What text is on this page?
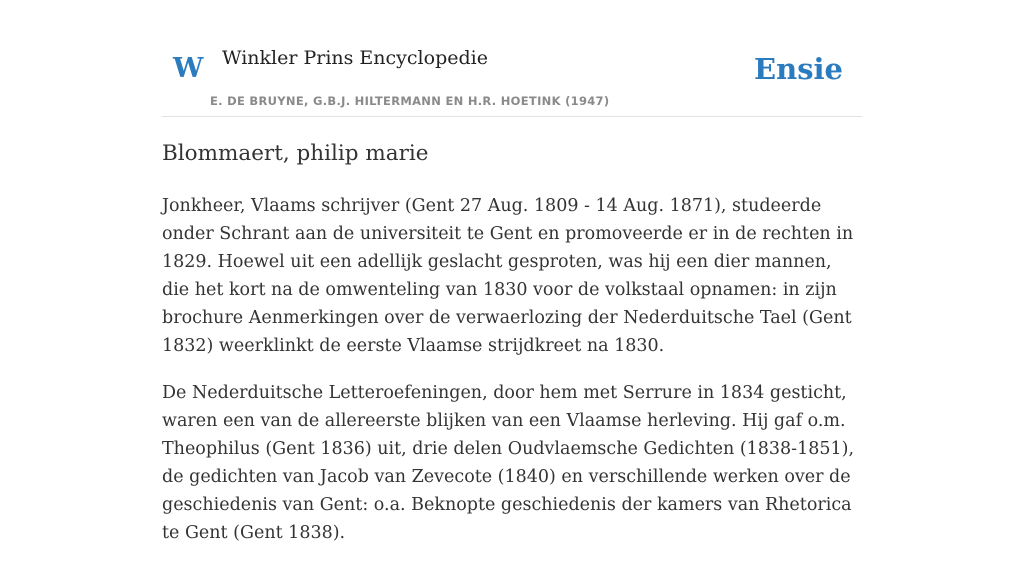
W Winkler Prins Encyclopedie
E. DE BRUYNE, G.B.J. HILTERMANN EN H.R. HOETINK (1947)
Ensie
Blommaert, philip marie

Jonkheer, Vlaams schrijver (Gent 27 Aug. 1809 - 14 Aug. 1871), studeerde onder Schrant aan de universiteit te Gent en promoveerde er in de rechten in 1829. Hoewel uit een adellijk geslacht gesproten, was hij een dier mannen, die het kort na de omwenteling van 1830 voor de volkstaal opnamen: in zijn brochure Aenmerkingen over de verwaerlozing der Nederduitsche Tael (Gent 1832) weerklinkt de eerste Vlaamse strijdkreet na 1830.

De Nederduitsche Letteroefeningen, door hem met Serrure in 1834 gesticht, waren een van de allereerste blijken van een Vlaamse herleving. Hij gaf o.m. Theophilus (Gent 1836) uit, drie delen Oudvlaemsche Gedichten (1838-1851), de gedichten van Jacob van Zevecote (1840) en verschillende werken over de geschiedenis van Gent: o.a. Beknopte geschiedenis der kamers van Rhetorica te Gent (Gent 1838).
